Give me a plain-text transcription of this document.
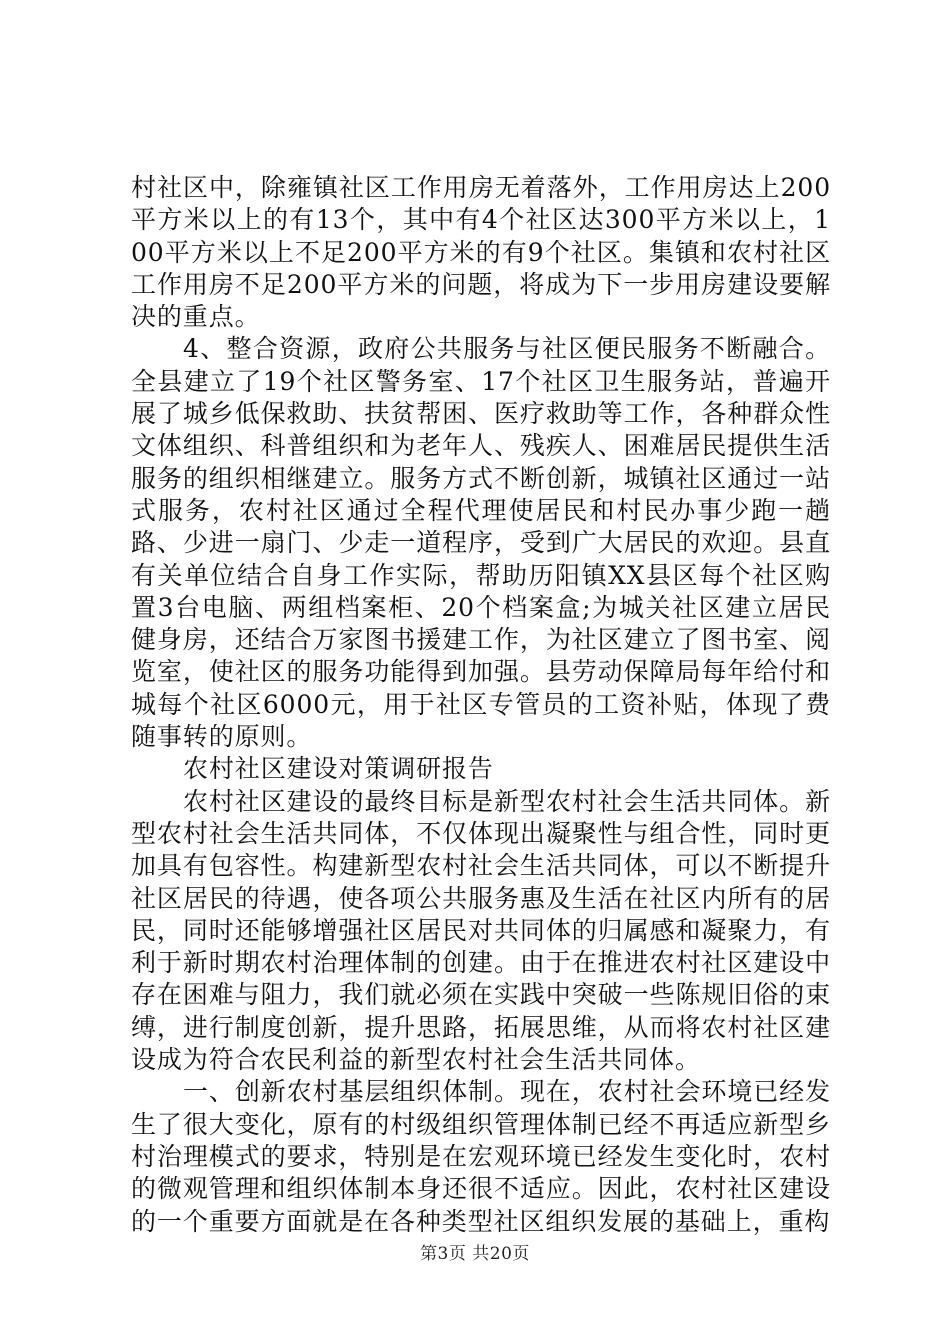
村社区中，除雍镇社区工作用房无着落外，工作用房达上200平方米以上的有13个，其中有4个社区达300平方米以上，100平方米以上不足200平方米的有9个社区。集镇和农村社区工作用房不足200平方米的问题，将成为下一步用房建设要解决的重点。

4、整合资源，政府公共服务与社区便民服务不断融合。全县建立了19个社区警务室、17个社区卫生服务站，普遍开展了城乡低保救助、扶贫帮困、医疗救助等工作，各种群众性文体组织、科普组织和为老年人、残疾人、困难居民提供生活服务的组织相继建立。服务方式不断创新，城镇社区通过一站式服务，农村社区通过全程代理使居民和村民办事少跑一趟路、少进一扇门、少走一道程序，受到广大居民的欢迎。县直有关单位结合自身工作实际，帮助历阳镇XX县区每个社区购置3台电脑、两组档案柜、20个档案盒;为城关社区建立居民健身房，还结合万家图书援建工作，为社区建立了图书室、阅览室，使社区的服务功能得到加强。县劳动保障局每年给付和城每个社区6000元，用于社区专管员的工资补贴，体现了费随事转的原则。

农村社区建设对策调研报告

农村社区建设的最终目标是新型农村社会生活共同体。新型农村社会生活共同体，不仅体现出凝聚性与组合性，同时更加具有包容性。构建新型农村社会生活共同体，可以不断提升社区居民的待遇，使各项公共服务惠及生活在社区内所有的居民，同时还能够增强社区居民对共同体的归属感和凝聚力，有利于新时期农村治理体制的创建。由于在推进农村社区建设中存在困难与阻力，我们就必须在实践中突破一些陈规旧俗的束缚，进行制度创新，提升思路，拓展思维，从而将农村社区建设成为符合农民利益的新型农村社会生活共同体。

一、创新农村基层组织体制。现在，农村社会环境已经发生了很大变化，原有的村级组织管理体制已经不再适应新型乡村治理模式的要求，特别是在宏观环境已经发生变化时，农村的微观管理和组织体制本身还很不适应。因此，农村社区建设的一个重要方面就是在各种类型社区组织发展的基础上，重构

第3页 共20页
